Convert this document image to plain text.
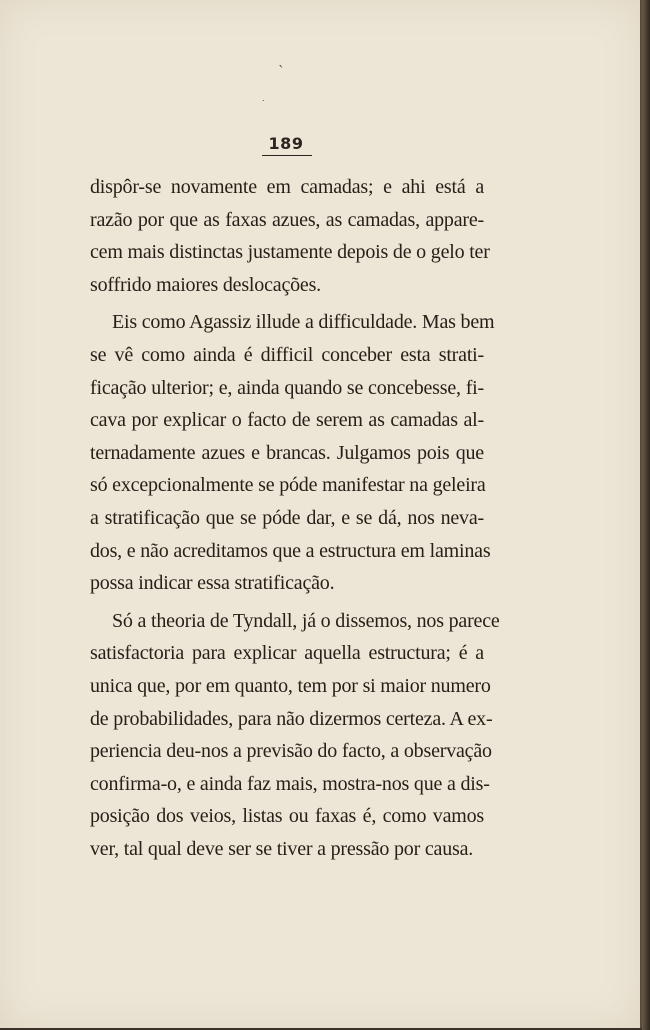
`
.
189
dispôr-se novamente em camadas; e ahi está a
razão por que as faxas azues, as camadas, appare-
cem mais distinctas justamente depois de o gelo ter
soffrido maiores deslocações.
Eis como Agassiz illude a difficuldade. Mas bem
se vê como ainda é difficil conceber esta strati-
ficação ulterior; e, ainda quando se concebesse, fi-
cava por explicar o facto de serem as camadas al-
ternadamente azues e brancas. Julgamos pois que
só excepcionalmente se póde manifestar na geleira
a stratificação que se póde dar, e se dá, nos neva-
dos, e não acreditamos que a estructura em laminas
possa indicar essa stratificação.
Só a theoria de Tyndall, já o dissemos, nos parece
satisfactoria para explicar aquella estructura; é a
unica que, por em quanto, tem por si maior numero
de probabilidades, para não dizermos certeza. A ex-
periencia deu-nos a previsão do facto, a observação
confirma-o, e ainda faz mais, mostra-nos que a dis-
posição dos veios, listas ou faxas é, como vamos
ver, tal qual deve ser se tiver a pressão por causa.
